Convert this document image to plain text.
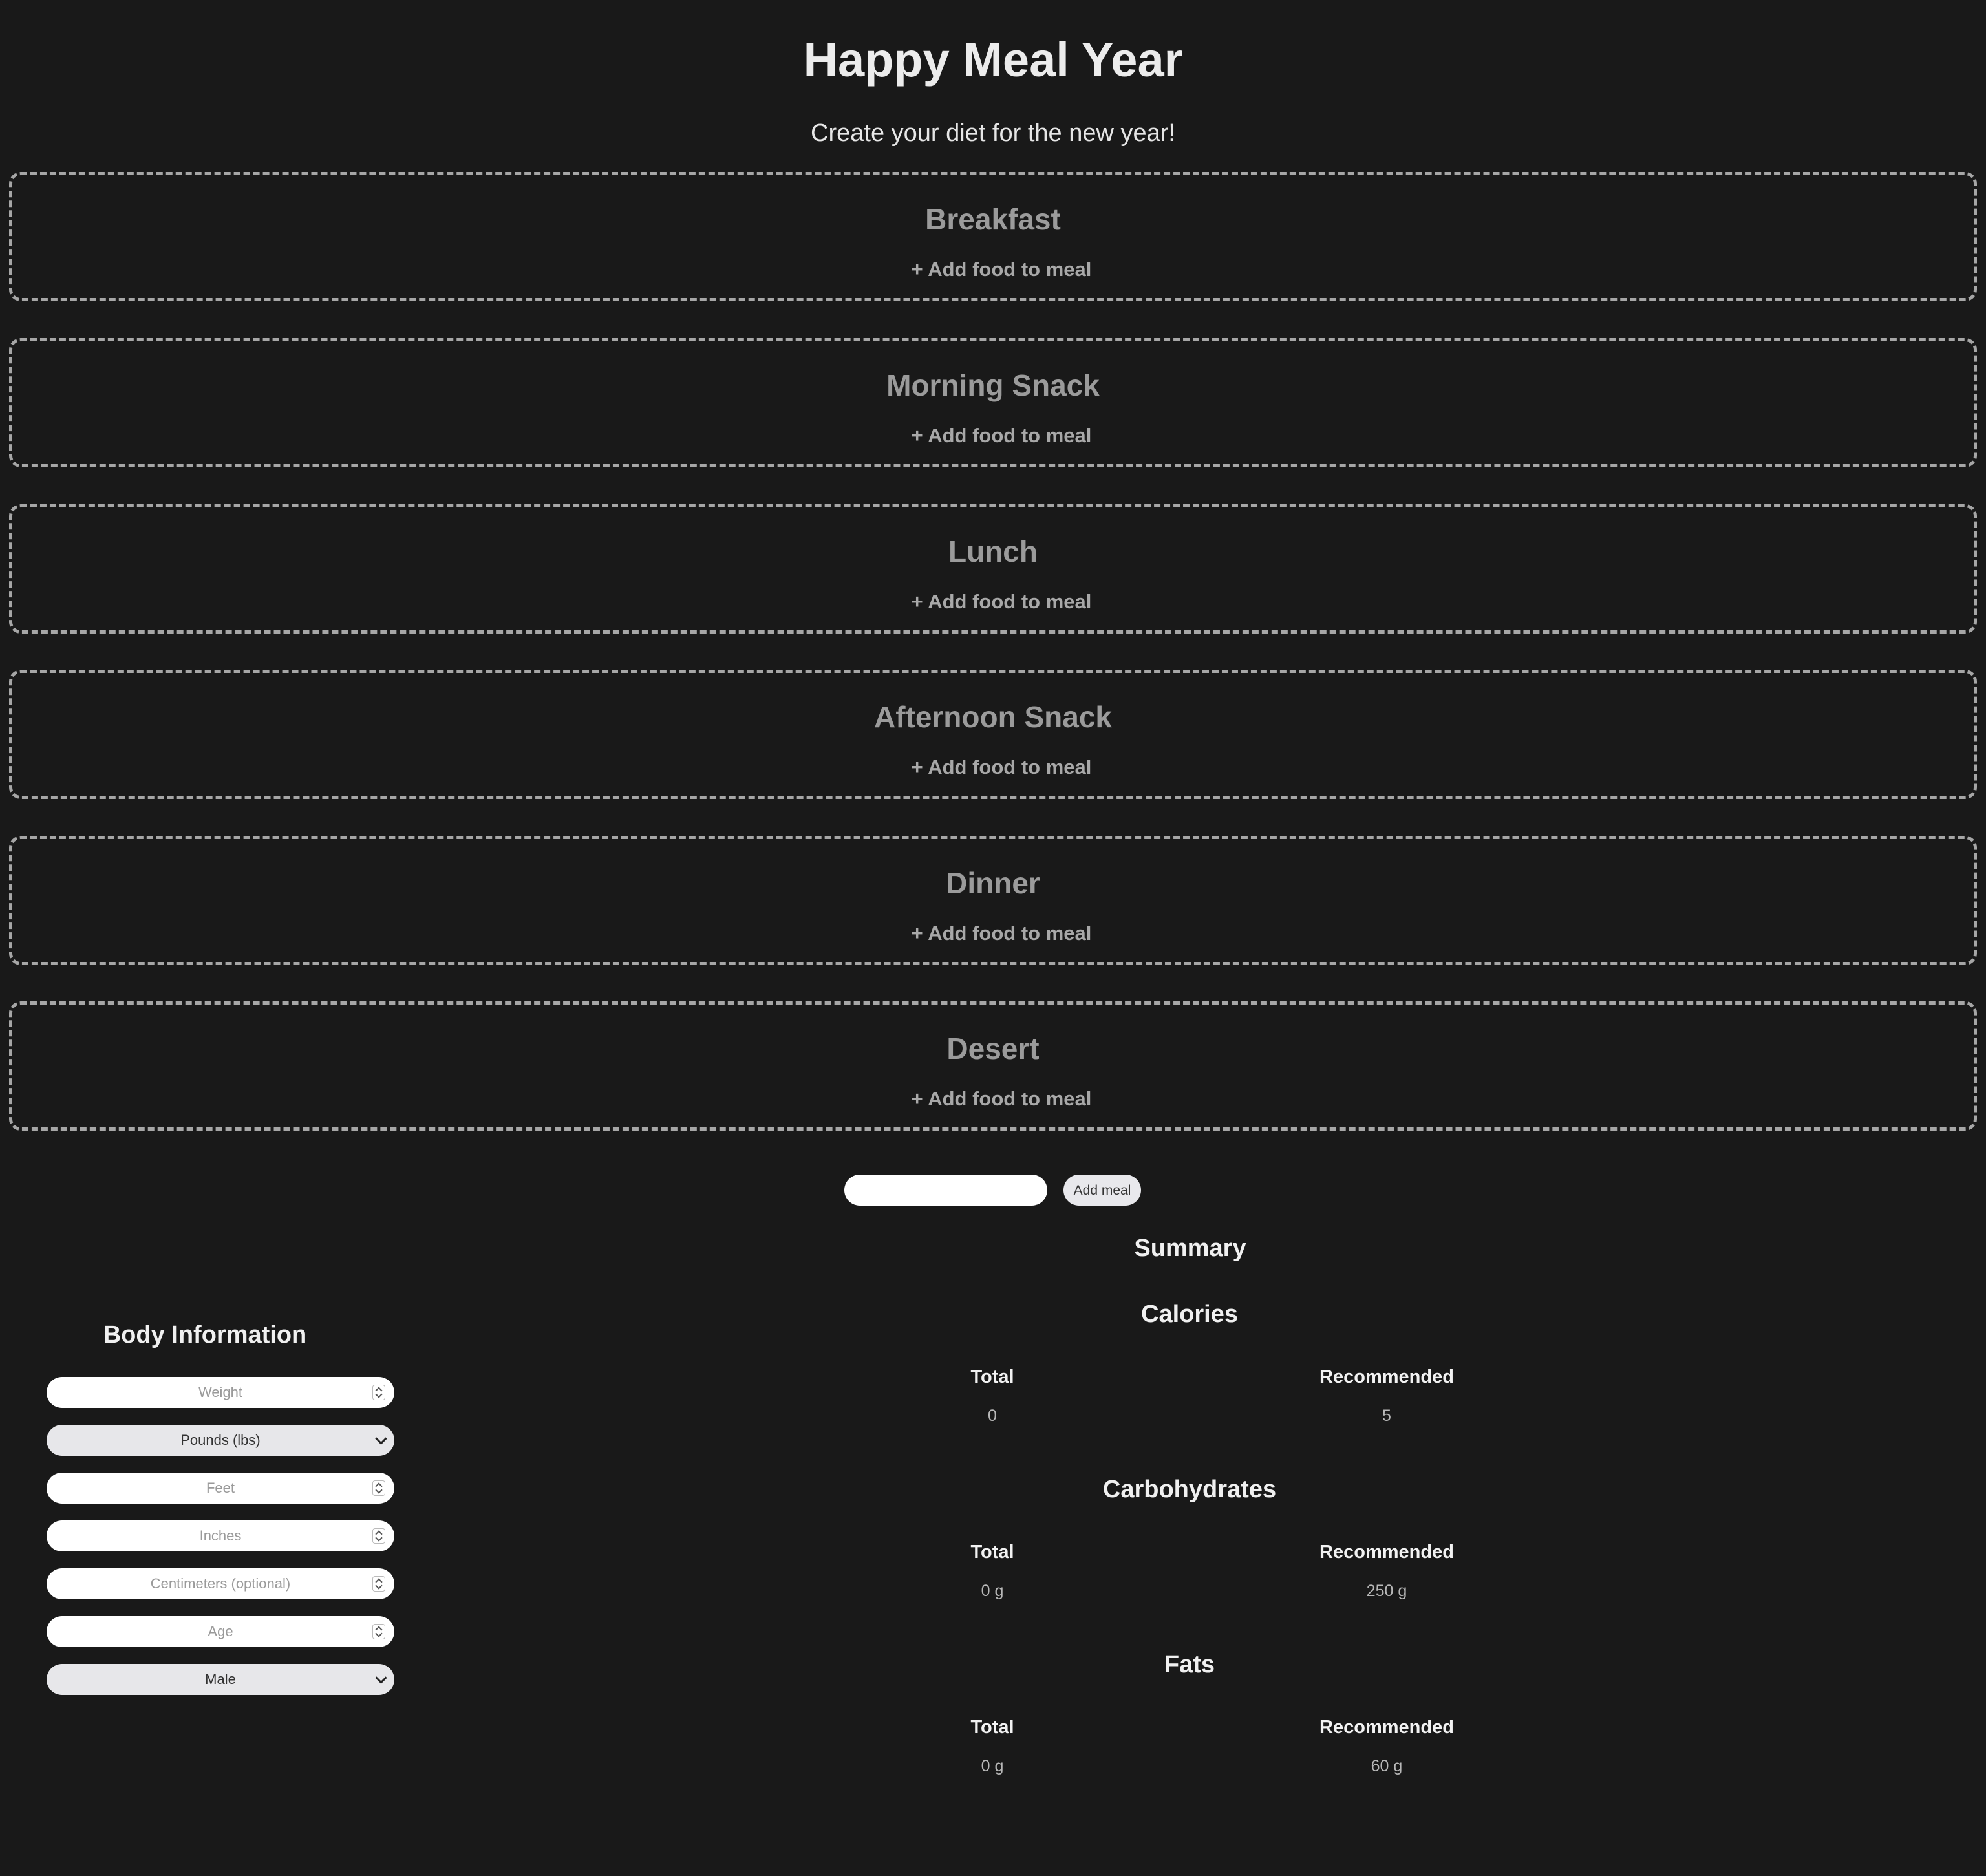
Happy Meal Year
Create your diet for the new year!
Breakfast
+ Add food to meal
Morning Snack
+ Add food to meal
Lunch
+ Add food to meal
Afternoon Snack
+ Add food to meal
Dinner
+ Add food to meal
Desert
+ Add food to meal
Add meal
Summary
Calories
Total	Recommended
0	5
Carbohydrates
Total	Recommended
0 g	250 g
Fats
Total	Recommended
0 g	60 g
Body Information
Weight
Pounds (lbs)
Feet
Inches
Centimeters (optional)
Age
Male
